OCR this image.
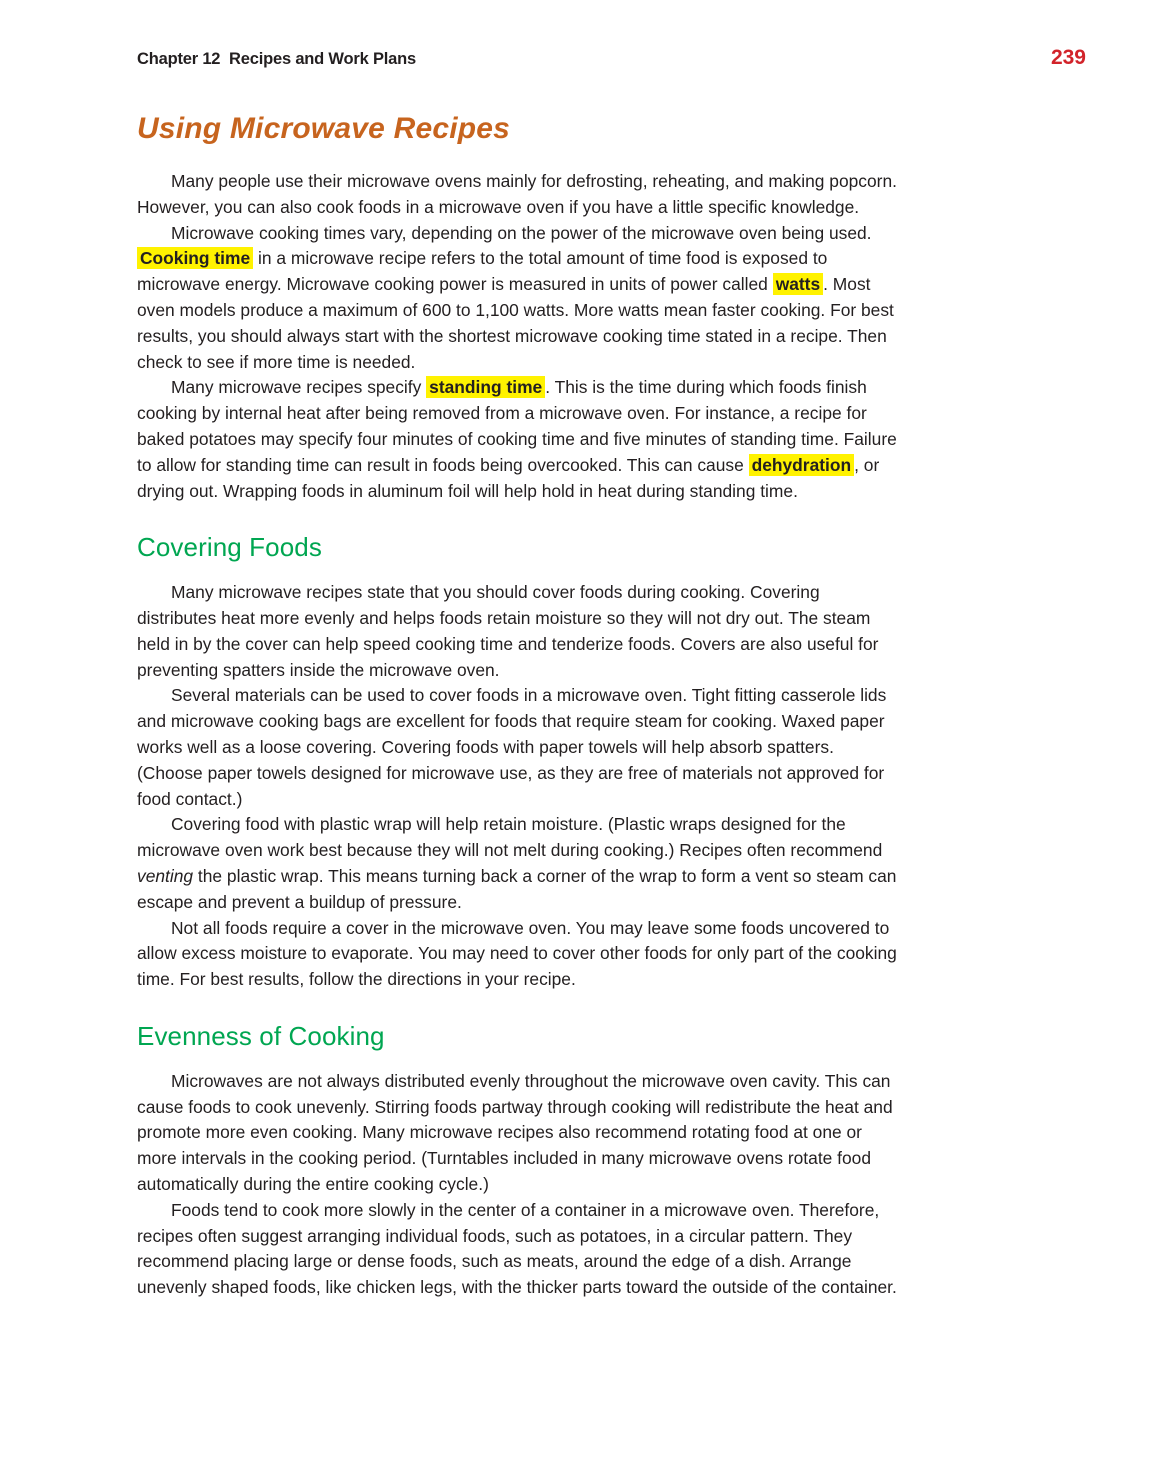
Chapter 12  Recipes and Work Plans	239
Using Microwave Recipes

Many people use their microwave ovens mainly for defrosting, reheating, and making popcorn. However, you can also cook foods in a microwave oven if you have a little specific knowledge.

Microwave cooking times vary, depending on the power of the microwave oven being used. Cooking time in a microwave recipe refers to the total amount of time food is exposed to microwave energy. Microwave cooking power is measured in units of power called watts . Most oven models produce a maximum of 600 to 1,100 watts. More watts mean faster cooking. For best results, you should always start with the shortest microwave cooking time stated in a recipe. Then check to see if more time is needed.

Many microwave recipes specify standing time . This is the time during which foods finish cooking by internal heat after being removed from a microwave oven. For instance, a recipe for baked potatoes may specify four minutes of cooking time and five minutes of standing time. Failure to allow for standing time can result in foods being overcooked. This can cause dehydration , or drying out. Wrapping foods in aluminum foil will help hold in heat during standing time.

Covering Foods

Many microwave recipes state that you should cover foods during cooking. Covering distributes heat more evenly and helps foods retain moisture so they will not dry out. The steam held in by the cover can help speed cooking time and tenderize foods. Covers are also useful for preventing spatters inside the microwave oven.

Several materials can be used to cover foods in a microwave oven. Tight fitting casserole lids and microwave cooking bags are excellent for foods that require steam for cooking. Waxed paper works well as a loose covering. Covering foods with paper towels will help absorb spatters. (Choose paper towels designed for microwave use, as they are free of materials not approved for food contact.)

Covering food with plastic wrap will help retain moisture. (Plastic wraps designed for the microwave oven work best because they will not melt during cooking.) Recipes often recommend venting the plastic wrap. This means turning back a corner of the wrap to form a vent so steam can escape and prevent a buildup of pressure.

Not all foods require a cover in the microwave oven. You may leave some foods uncovered to allow excess moisture to evaporate. You may need to cover other foods for only part of the cooking time. For best results, follow the directions in your recipe.

Evenness of Cooking

Microwaves are not always distributed evenly throughout the microwave oven cavity. This can cause foods to cook unevenly. Stirring foods partway through cooking will redistribute the heat and promote more even cooking. Many microwave recipes also recommend rotating food at one or more intervals in the cooking period. (Turntables included in many microwave ovens rotate food automatically during the entire cooking cycle.)

Foods tend to cook more slowly in the center of a container in a microwave oven. Therefore, recipes often suggest arranging individual foods, such as potatoes, in a circular pattern. They recommend placing large or dense foods, such as meats, around the edge of a dish. Arrange unevenly shaped foods, like chicken legs, with the thicker parts toward the outside of the container.
